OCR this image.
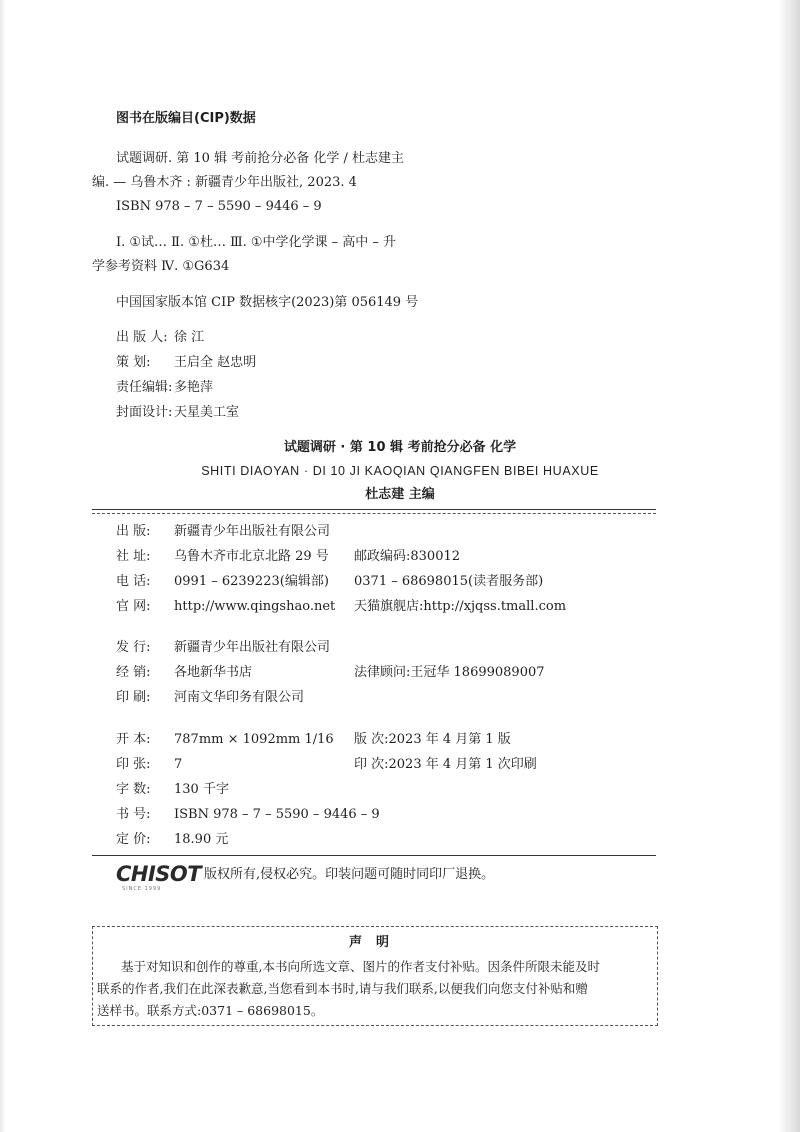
图书在版编目(CIP)数据
试题调研. 第 10 辑 考前抢分必备 化学 / 杜志建主
编. — 乌鲁木齐 : 新疆青少年出版社, 2023. 4
ISBN 978 – 7 – 5590 – 9446 – 9
Ⅰ. ①试… Ⅱ. ①杜… Ⅲ. ①中学化学课 – 高中 – 升
学参考资料 Ⅳ. ①G634
中国国家版本馆 CIP 数据核字(2023)第 056149 号
出 版 人: 徐 江
策 划: 王启全 赵忠明
责任编辑: 多艳萍
封面设计: 天星美工室
试题调研 · 第 10 辑 考前抢分必备 化学
SHITI DIAOYAN · DI 10 JI KAOQIAN QIANGFEN BIBEI HUAXUE
杜志建 主编
出 版: 新疆青少年出版社有限公司
社 址: 乌鲁木齐市北京北路 29 号 邮政编码:830012
电 话: 0991 – 6239223(编辑部) 0371 – 68698015(读者服务部)
官 网: http://www.qingshao.net 天猫旗舰店:http://xjqss.tmall.com
发 行: 新疆青少年出版社有限公司
经 销: 各地新华书店	法律顾问:王冠华 18699089007
印 刷: 河南文华印务有限公司
开 本: 787mm × 1092mm 1/16 版 次:2023 年 4 月第 1 版
印 张: 7	印 次:2023 年 4 月第 1 次印刷
字 数: 130 千字
书 号: ISBN 978 – 7 – 5590 – 9446 – 9
定 价: 18.90 元
CHISOT
SINCE 1999
版权所有,侵权必究。印装问题可随时同印厂退换。
声明
基于对知识和创作的尊重,本书向所选文章、图片的作者支付补贴。因条件所限未能及时
联系的作者,我们在此深表歉意,当您看到本书时,请与我们联系,以便我们向您支付补贴和赠
送样书。联系方式:0371 – 68698015。
